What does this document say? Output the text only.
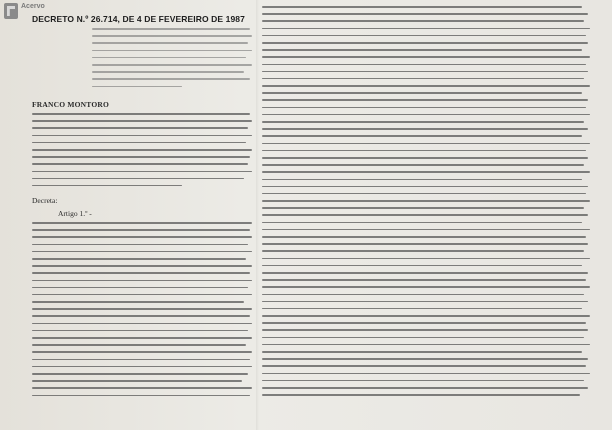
Acervo
DECRETO N.º 26.714, DE 4 DE FEVEREIRO DE 1987
FRANCO MONTORO
Decreta:
Artigo 1.º -
